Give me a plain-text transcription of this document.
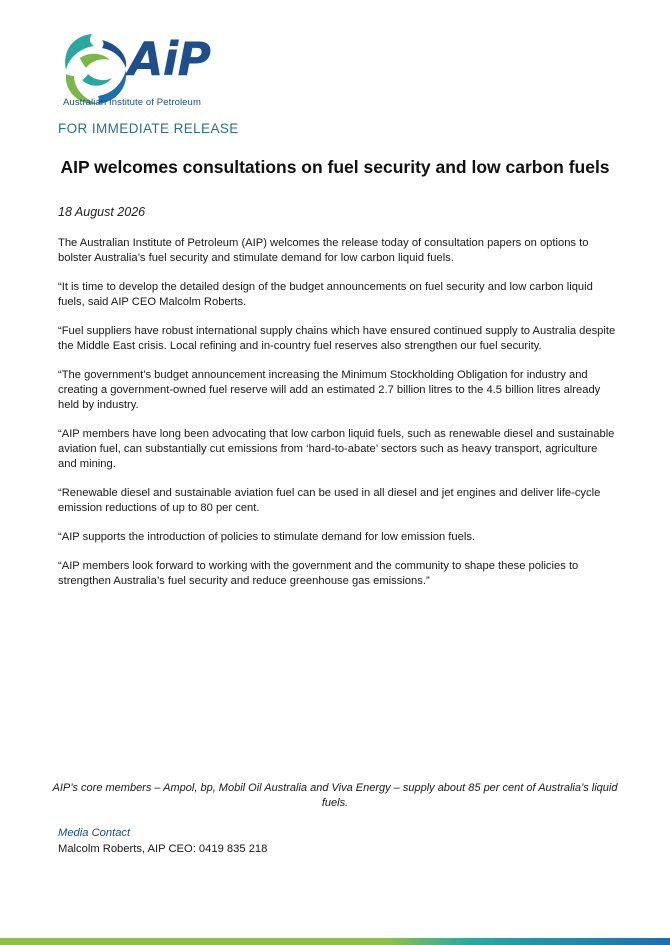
AiP
Australian Institute of Petroleum
FOR IMMEDIATE RELEASE
AIP welcomes consultations on fuel security and low carbon fuels
18 August 2026

The Australian Institute of Petroleum (AIP) welcomes the release today of consultation papers on options to bolster Australia’s fuel security and stimulate demand for low carbon liquid fuels.

“It is time to develop the detailed design of the budget announcements on fuel security and low carbon liquid fuels, said AIP CEO Malcolm Roberts.

“Fuel suppliers have robust international supply chains which have ensured continued supply to Australia despite the Middle East crisis. Local refining and in-country fuel reserves also strengthen our fuel security.

“The government’s budget announcement increasing the Minimum Stockholding Obligation for industry and creating a government-owned fuel reserve will add an estimated 2.7 billion litres to the 4.5 billion litres already held by industry.

“AIP members have long been advocating that low carbon liquid fuels, such as renewable diesel and sustainable aviation fuel, can substantially cut emissions from ‘hard-to-abate’ sectors such as heavy transport, agriculture and mining.

“Renewable diesel and sustainable aviation fuel can be used in all diesel and jet engines and deliver life-cycle emission reductions of up to 80 per cent.

“AIP supports the introduction of policies to stimulate demand for low emission fuels.

“AIP members look forward to working with the government and the community to shape these policies to strengthen Australia’s fuel security and reduce greenhouse gas emissions.”

AIP’s core members – Ampol, bp, Mobil Oil Australia and Viva Energy – supply about 85 per cent of Australia’s liquid fuels.
Media Contact
Malcolm Roberts, AIP CEO: 0419 835 218
